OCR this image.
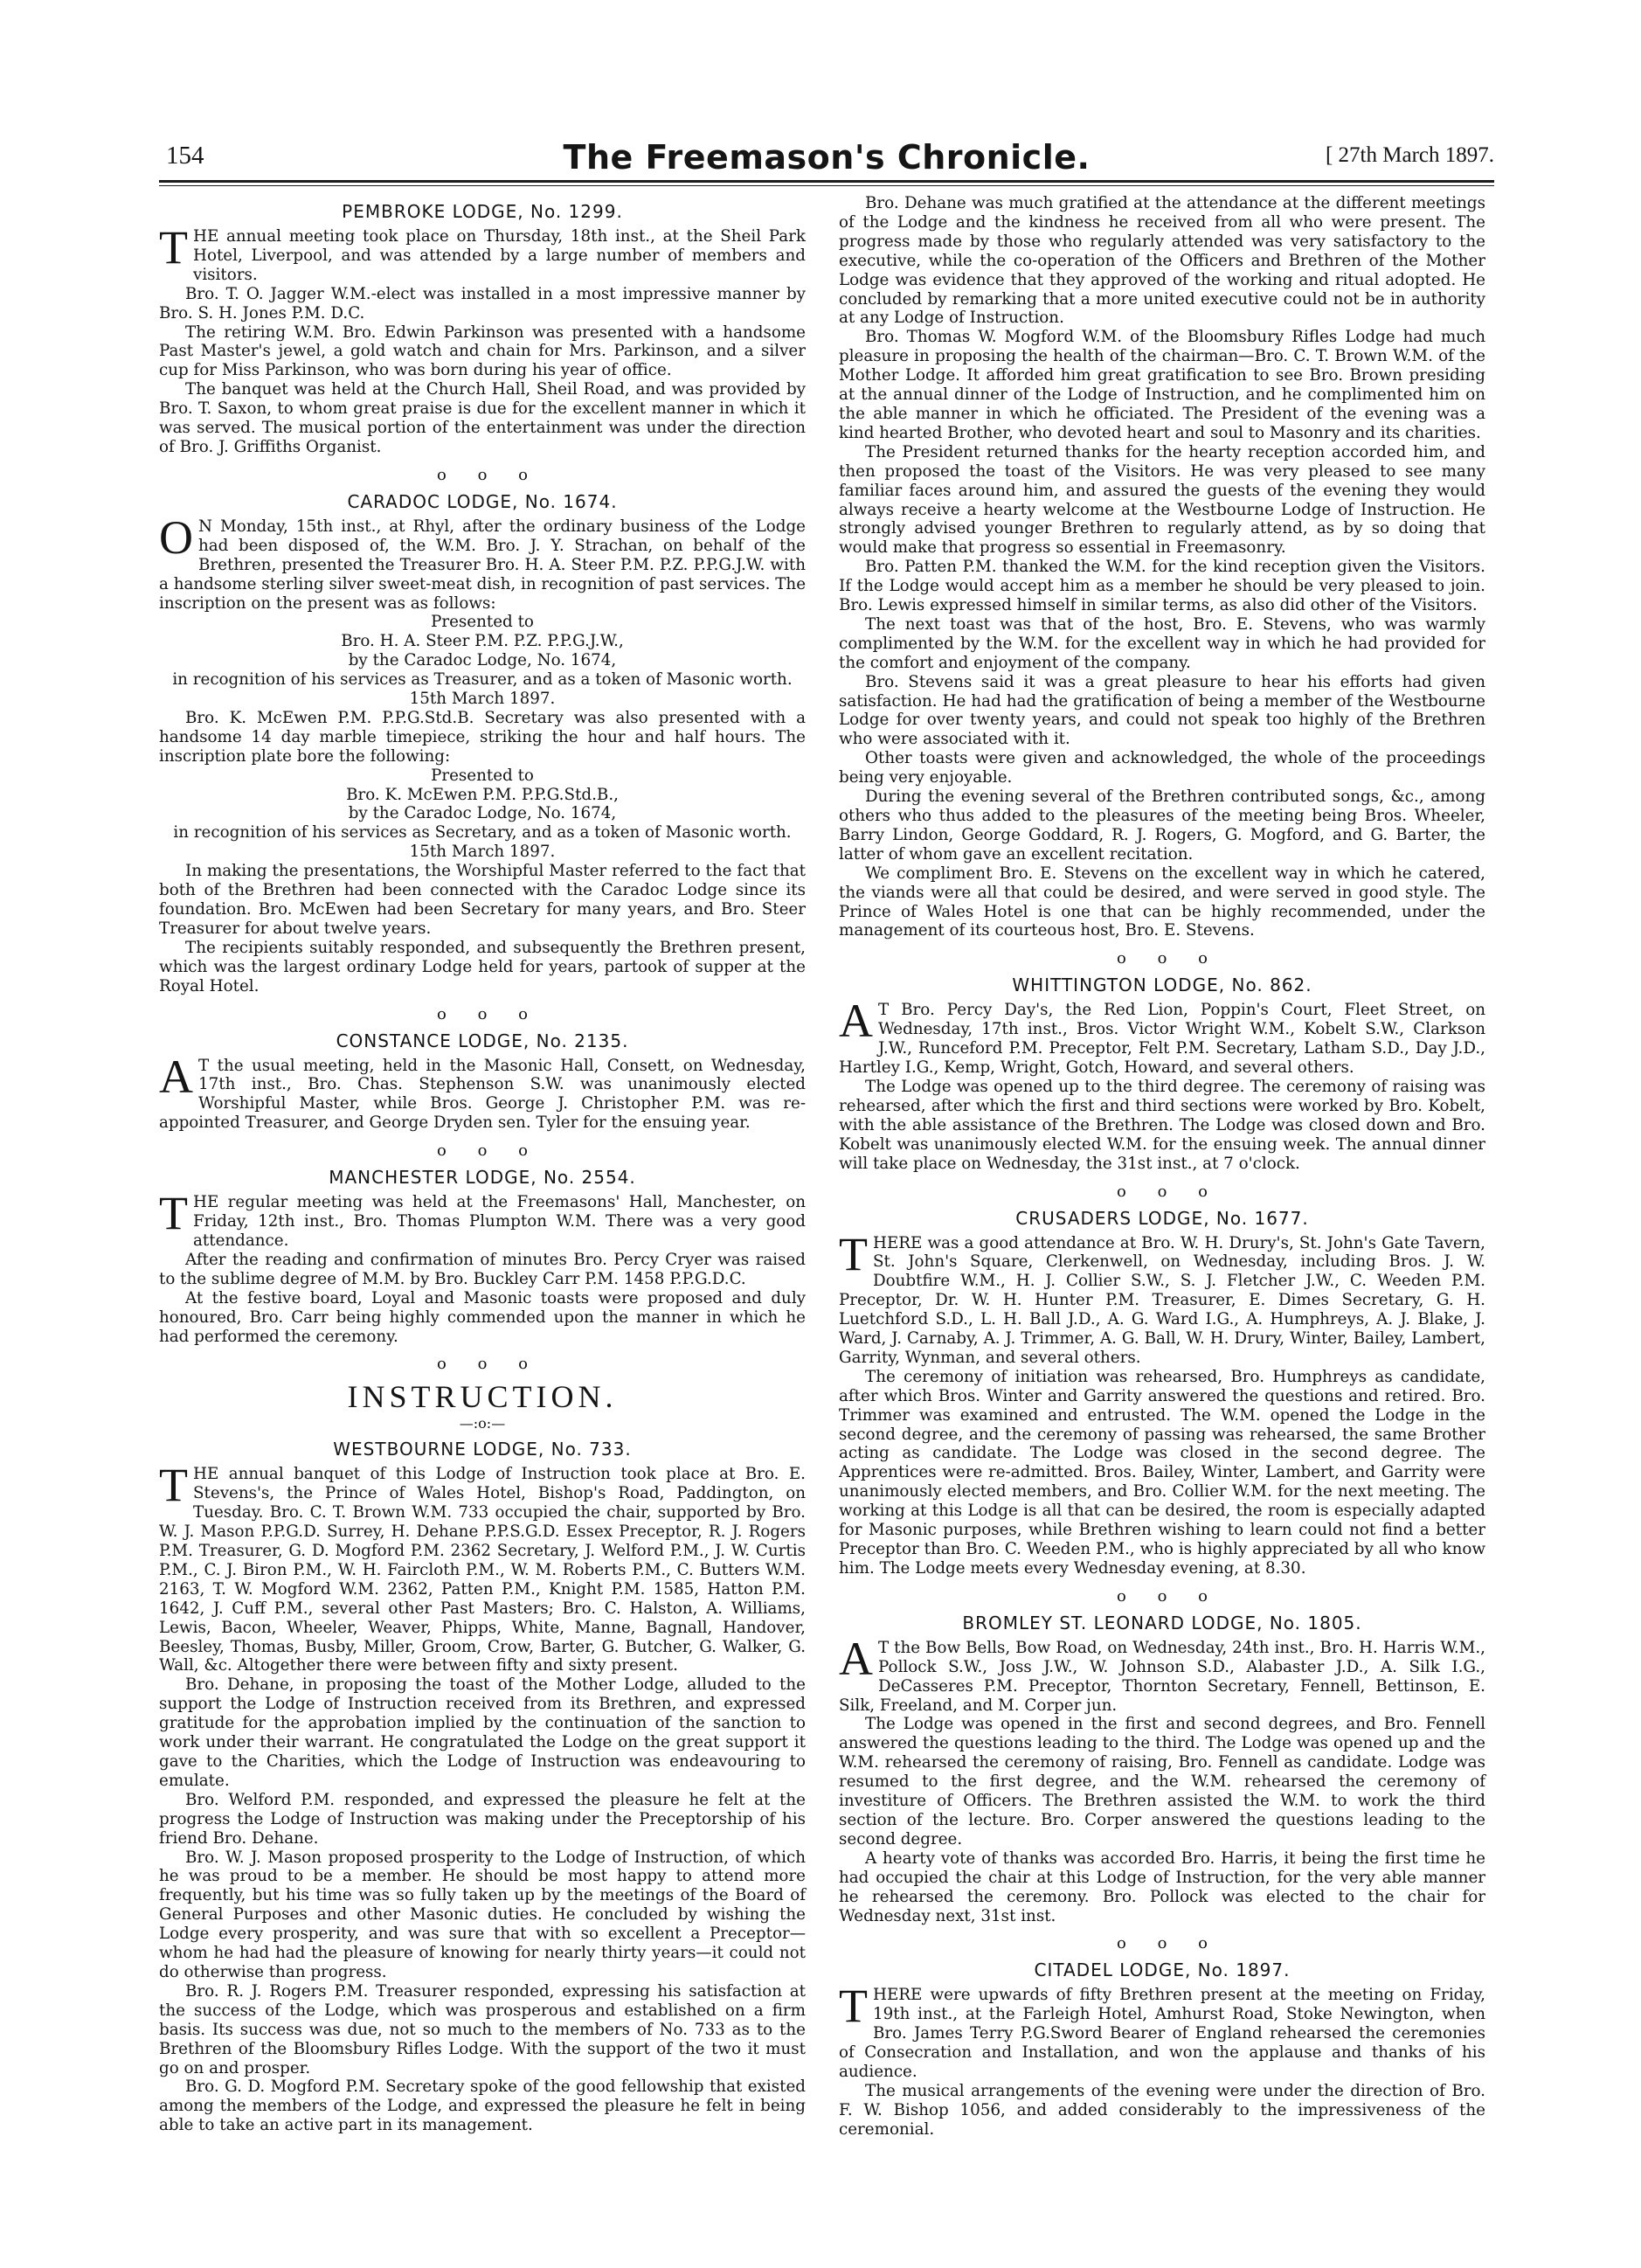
154	The Freemason's Chronicle.	[ 27th March 1897.
PEMBROKE LODGE, No. 1299.

THE annual meeting took place on Thursday, 18th inst., at the Sheil Park Hotel, Liverpool, and was attended by a large number of members and visitors.

Bro. T. O. Jagger W.M.-elect was installed in a most impressive manner by Bro. S. H. Jones P.M. D.C.

The retiring W.M. Bro. Edwin Parkinson was presented with a handsome Past Master's jewel, a gold watch and chain for Mrs. Parkinson, and a silver cup for Miss Parkinson, who was born during his year of office.

The banquet was held at the Church Hall, Sheil Road, and was provided by Bro. T. Saxon, to whom great praise is due for the excellent manner in which it was served. The musical portion of the entertainment was under the direction of Bro. J. Griffiths Organist.

o o o
CARADOC LODGE, No. 1674.

O N Monday, 15th inst., at Rhyl, after the ordinary business of the Lodge had been disposed of, the W.M. Bro. J. Y. Strachan, on behalf of the Brethren, presented the Treasurer Bro. H. A. Steer P.M. P.Z. P.P.G.J.W. with a handsome sterling silver sweet-meat dish, in recognition of past services. The inscription on the present was as follows:

Presented to

Bro. H. A. Steer P.M. P.Z. P.P.G.J.W.,

by the Caradoc Lodge, No. 1674,

in recognition of his services as Treasurer, and as a token of Masonic worth.

15th March 1897.

Bro. K. McEwen P.M. P.P.G.Std.B. Secretary was also presented with a handsome 14 day marble timepiece, striking the hour and half hours. The inscription plate bore the following:

Presented to

Bro. K. McEwen P.M. P.P.G.Std.B.,

by the Caradoc Lodge, No. 1674,

in recognition of his services as Secretary, and as a token of Masonic worth.

15th March 1897.

In making the presentations, the Worshipful Master referred to the fact that both of the Brethren had been connected with the Caradoc Lodge since its foundation. Bro. McEwen had been Secretary for many years, and Bro. Steer Treasurer for about twelve years.

The recipients suitably responded, and subsequently the Brethren present, which was the largest ordinary Lodge held for years, partook of supper at the Royal Hotel.

o o o
CONSTANCE LODGE, No. 2135.

A T the usual meeting, held in the Masonic Hall, Consett, on Wednesday, 17th inst., Bro. Chas. Stephenson S.W. was unanimously elected Worshipful Master, while Bros. George J. Christopher P.M. was re-appointed Treasurer, and George Dryden sen. Tyler for the ensuing year.

o o o
MANCHESTER LODGE, No. 2554.

THE regular meeting was held at the Freemasons' Hall, Manchester, on Friday, 12th inst., Bro. Thomas Plumpton W.M. There was a very good attendance.

After the reading and confirmation of minutes Bro. Percy Cryer was raised to the sublime degree of M.M. by Bro. Buckley Carr P.M. 1458 P.P.G.D.C.

At the festive board, Loyal and Masonic toasts were proposed and duly honoured, Bro. Carr being highly commended upon the manner in which he had performed the ceremony.

o o o
INSTRUCTION.
—:o:—
WESTBOURNE LODGE, No. 733.

THE annual banquet of this Lodge of Instruction took place at Bro. E. Stevens's, the Prince of Wales Hotel, Bishop's Road, Paddington, on Tuesday. Bro. C. T. Brown W.M. 733 occupied the chair, supported by Bro. W. J. Mason P.P.G.D. Surrey, H. Dehane P.P.S.G.D. Essex Preceptor, R. J. Rogers P.M. Treasurer, G. D. Mogford P.M. 2362 Secretary, J. Welford P.M., J. W. Curtis P.M., C. J. Biron P.M., W. H. Faircloth P.M., W. M. Roberts P.M., C. Butters W.M. 2163, T. W. Mogford W.M. 2362, Patten P.M., Knight P.M. 1585, Hatton P.M. 1642, J. Cuff P.M., several other Past Masters; Bro. C. Halston, A. Williams, Lewis, Bacon, Wheeler, Weaver, Phipps, White, Manne, Bagnall, Handover, Beesley, Thomas, Busby, Miller, Groom, Crow, Barter, G. Butcher, G. Walker, G. Wall, &c. Altogether there were between fifty and sixty present.

Bro. Dehane, in proposing the toast of the Mother Lodge, alluded to the support the Lodge of Instruction received from its Brethren, and expressed gratitude for the approbation implied by the continuation of the sanction to work under their warrant. He congratulated the Lodge on the great support it gave to the Charities, which the Lodge of Instruction was endeavouring to emulate.

Bro. Welford P.M. responded, and expressed the pleasure he felt at the progress the Lodge of Instruction was making under the Preceptorship of his friend Bro. Dehane.

Bro. W. J. Mason proposed prosperity to the Lodge of Instruction, of which he was proud to be a member. He should be most happy to attend more frequently, but his time was so fully taken up by the meetings of the Board of General Purposes and other Masonic duties. He concluded by wishing the Lodge every prosperity, and was sure that with so excellent a Preceptor—whom he had had the pleasure of knowing for nearly thirty years—it could not do otherwise than progress.

Bro. R. J. Rogers P.M. Treasurer responded, expressing his satisfaction at the success of the Lodge, which was prosperous and established on a firm basis. Its success was due, not so much to the members of No. 733 as to the Brethren of the Bloomsbury Rifles Lodge. With the support of the two it must go on and prosper.

Bro. G. D. Mogford P.M. Secretary spoke of the good fellowship that existed among the members of the Lodge, and expressed the pleasure he felt in being able to take an active part in its management.

Bro. Dehane was much gratified at the attendance at the different meetings of the Lodge and the kindness he received from all who were present. The progress made by those who regularly attended was very satisfactory to the executive, while the co-operation of the Officers and Brethren of the Mother Lodge was evidence that they approved of the working and ritual adopted. He concluded by remarking that a more united executive could not be in authority at any Lodge of Instruction.

Bro. Thomas W. Mogford W.M. of the Bloomsbury Rifles Lodge had much pleasure in proposing the health of the chairman—Bro. C. T. Brown W.M. of the Mother Lodge. It afforded him great gratification to see Bro. Brown presiding at the annual dinner of the Lodge of Instruction, and he complimented him on the able manner in which he officiated. The President of the evening was a kind hearted Brother, who devoted heart and soul to Masonry and its charities.

The President returned thanks for the hearty reception accorded him, and then proposed the toast of the Visitors. He was very pleased to see many familiar faces around him, and assured the guests of the evening they would always receive a hearty welcome at the Westbourne Lodge of Instruction. He strongly advised younger Brethren to regularly attend, as by so doing that would make that progress so essential in Freemasonry.

Bro. Patten P.M. thanked the W.M. for the kind reception given the Visitors. If the Lodge would accept him as a member he should be very pleased to join. Bro. Lewis expressed himself in similar terms, as also did other of the Visitors.

The next toast was that of the host, Bro. E. Stevens, who was warmly complimented by the W.M. for the excellent way in which he had provided for the comfort and enjoyment of the company.

Bro. Stevens said it was a great pleasure to hear his efforts had given satisfaction. He had had the gratification of being a member of the Westbourne Lodge for over twenty years, and could not speak too highly of the Brethren who were associated with it.

Other toasts were given and acknowledged, the whole of the proceedings being very enjoyable.

During the evening several of the Brethren contributed songs, &c., among others who thus added to the pleasures of the meeting being Bros. Wheeler, Barry Lindon, George Goddard, R. J. Rogers, G. Mogford, and G. Barter, the latter of whom gave an excellent recitation.

We compliment Bro. E. Stevens on the excellent way in which he catered, the viands were all that could be desired, and were served in good style. The Prince of Wales Hotel is one that can be highly recommended, under the management of its courteous host, Bro. E. Stevens.

o o o
WHITTINGTON LODGE, No. 862.

A T Bro. Percy Day's, the Red Lion, Poppin's Court, Fleet Street, on Wednesday, 17th inst., Bros. Victor Wright W.M., Kobelt S.W., Clarkson J.W., Runceford P.M. Preceptor, Felt P.M. Secretary, Latham S.D., Day J.D., Hartley I.G., Kemp, Wright, Gotch, Howard, and several others.

The Lodge was opened up to the third degree. The ceremony of raising was rehearsed, after which the first and third sections were worked by Bro. Kobelt, with the able assistance of the Brethren. The Lodge was closed down and Bro. Kobelt was unanimously elected W.M. for the ensuing week. The annual dinner will take place on Wednesday, the 31st inst., at 7 o'clock.

o o o
CRUSADERS LODGE, No. 1677.

THERE was a good attendance at Bro. W. H. Drury's, St. John's Gate Tavern, St. John's Square, Clerkenwell, on Wednesday, including Bros. J. W. Doubtfire W.M., H. J. Collier S.W., S. J. Fletcher J.W., C. Weeden P.M. Preceptor, Dr. W. H. Hunter P.M. Treasurer, E. Dimes Secretary, G. H. Luetchford S.D., L. H. Ball J.D., A. G. Ward I.G., A. Humphreys, A. J. Blake, J. Ward, J. Carnaby, A. J. Trimmer, A. G. Ball, W. H. Drury, Winter, Bailey, Lambert, Garrity, Wynman, and several others.

The ceremony of initiation was rehearsed, Bro. Humphreys as candidate, after which Bros. Winter and Garrity answered the questions and retired. Bro. Trimmer was examined and entrusted. The W.M. opened the Lodge in the second degree, and the ceremony of passing was rehearsed, the same Brother acting as candidate. The Lodge was closed in the second degree. The Apprentices were re-admitted. Bros. Bailey, Winter, Lambert, and Garrity were unanimously elected members, and Bro. Collier W.M. for the next meeting. The working at this Lodge is all that can be desired, the room is especially adapted for Masonic purposes, while Brethren wishing to learn could not find a better Preceptor than Bro. C. Weeden P.M., who is highly appreciated by all who know him. The Lodge meets every Wednesday evening, at 8.30.

o o o
BROMLEY ST. LEONARD LODGE, No. 1805.

A T the Bow Bells, Bow Road, on Wednesday, 24th inst., Bro. H. Harris W.M., Pollock S.W., Joss J.W., W. Johnson S.D., Alabaster J.D., A. Silk I.G., DeCasseres P.M. Preceptor, Thornton Secretary, Fennell, Bettinson, E. Silk, Freeland, and M. Corper jun.

The Lodge was opened in the first and second degrees, and Bro. Fennell answered the questions leading to the third. The Lodge was opened up and the W.M. rehearsed the ceremony of raising, Bro. Fennell as candidate. Lodge was resumed to the first degree, and the W.M. rehearsed the ceremony of investiture of Officers. The Brethren assisted the W.M. to work the third section of the lecture. Bro. Corper answered the questions leading to the second degree.

A hearty vote of thanks was accorded Bro. Harris, it being the first time he had occupied the chair at this Lodge of Instruction, for the very able manner he rehearsed the ceremony. Bro. Pollock was elected to the chair for Wednesday next, 31st inst.

o o o
CITADEL LODGE, No. 1897.

THERE were upwards of fifty Brethren present at the meeting on Friday, 19th inst., at the Farleigh Hotel, Amhurst Road, Stoke Newington, when Bro. James Terry P.G.Sword Bearer of England rehearsed the ceremonies of Consecration and Installation, and won the applause and thanks of his audience.

The musical arrangements of the evening were under the direction of Bro. F. W. Bishop 1056, and added considerably to the impressiveness of the ceremonial.
